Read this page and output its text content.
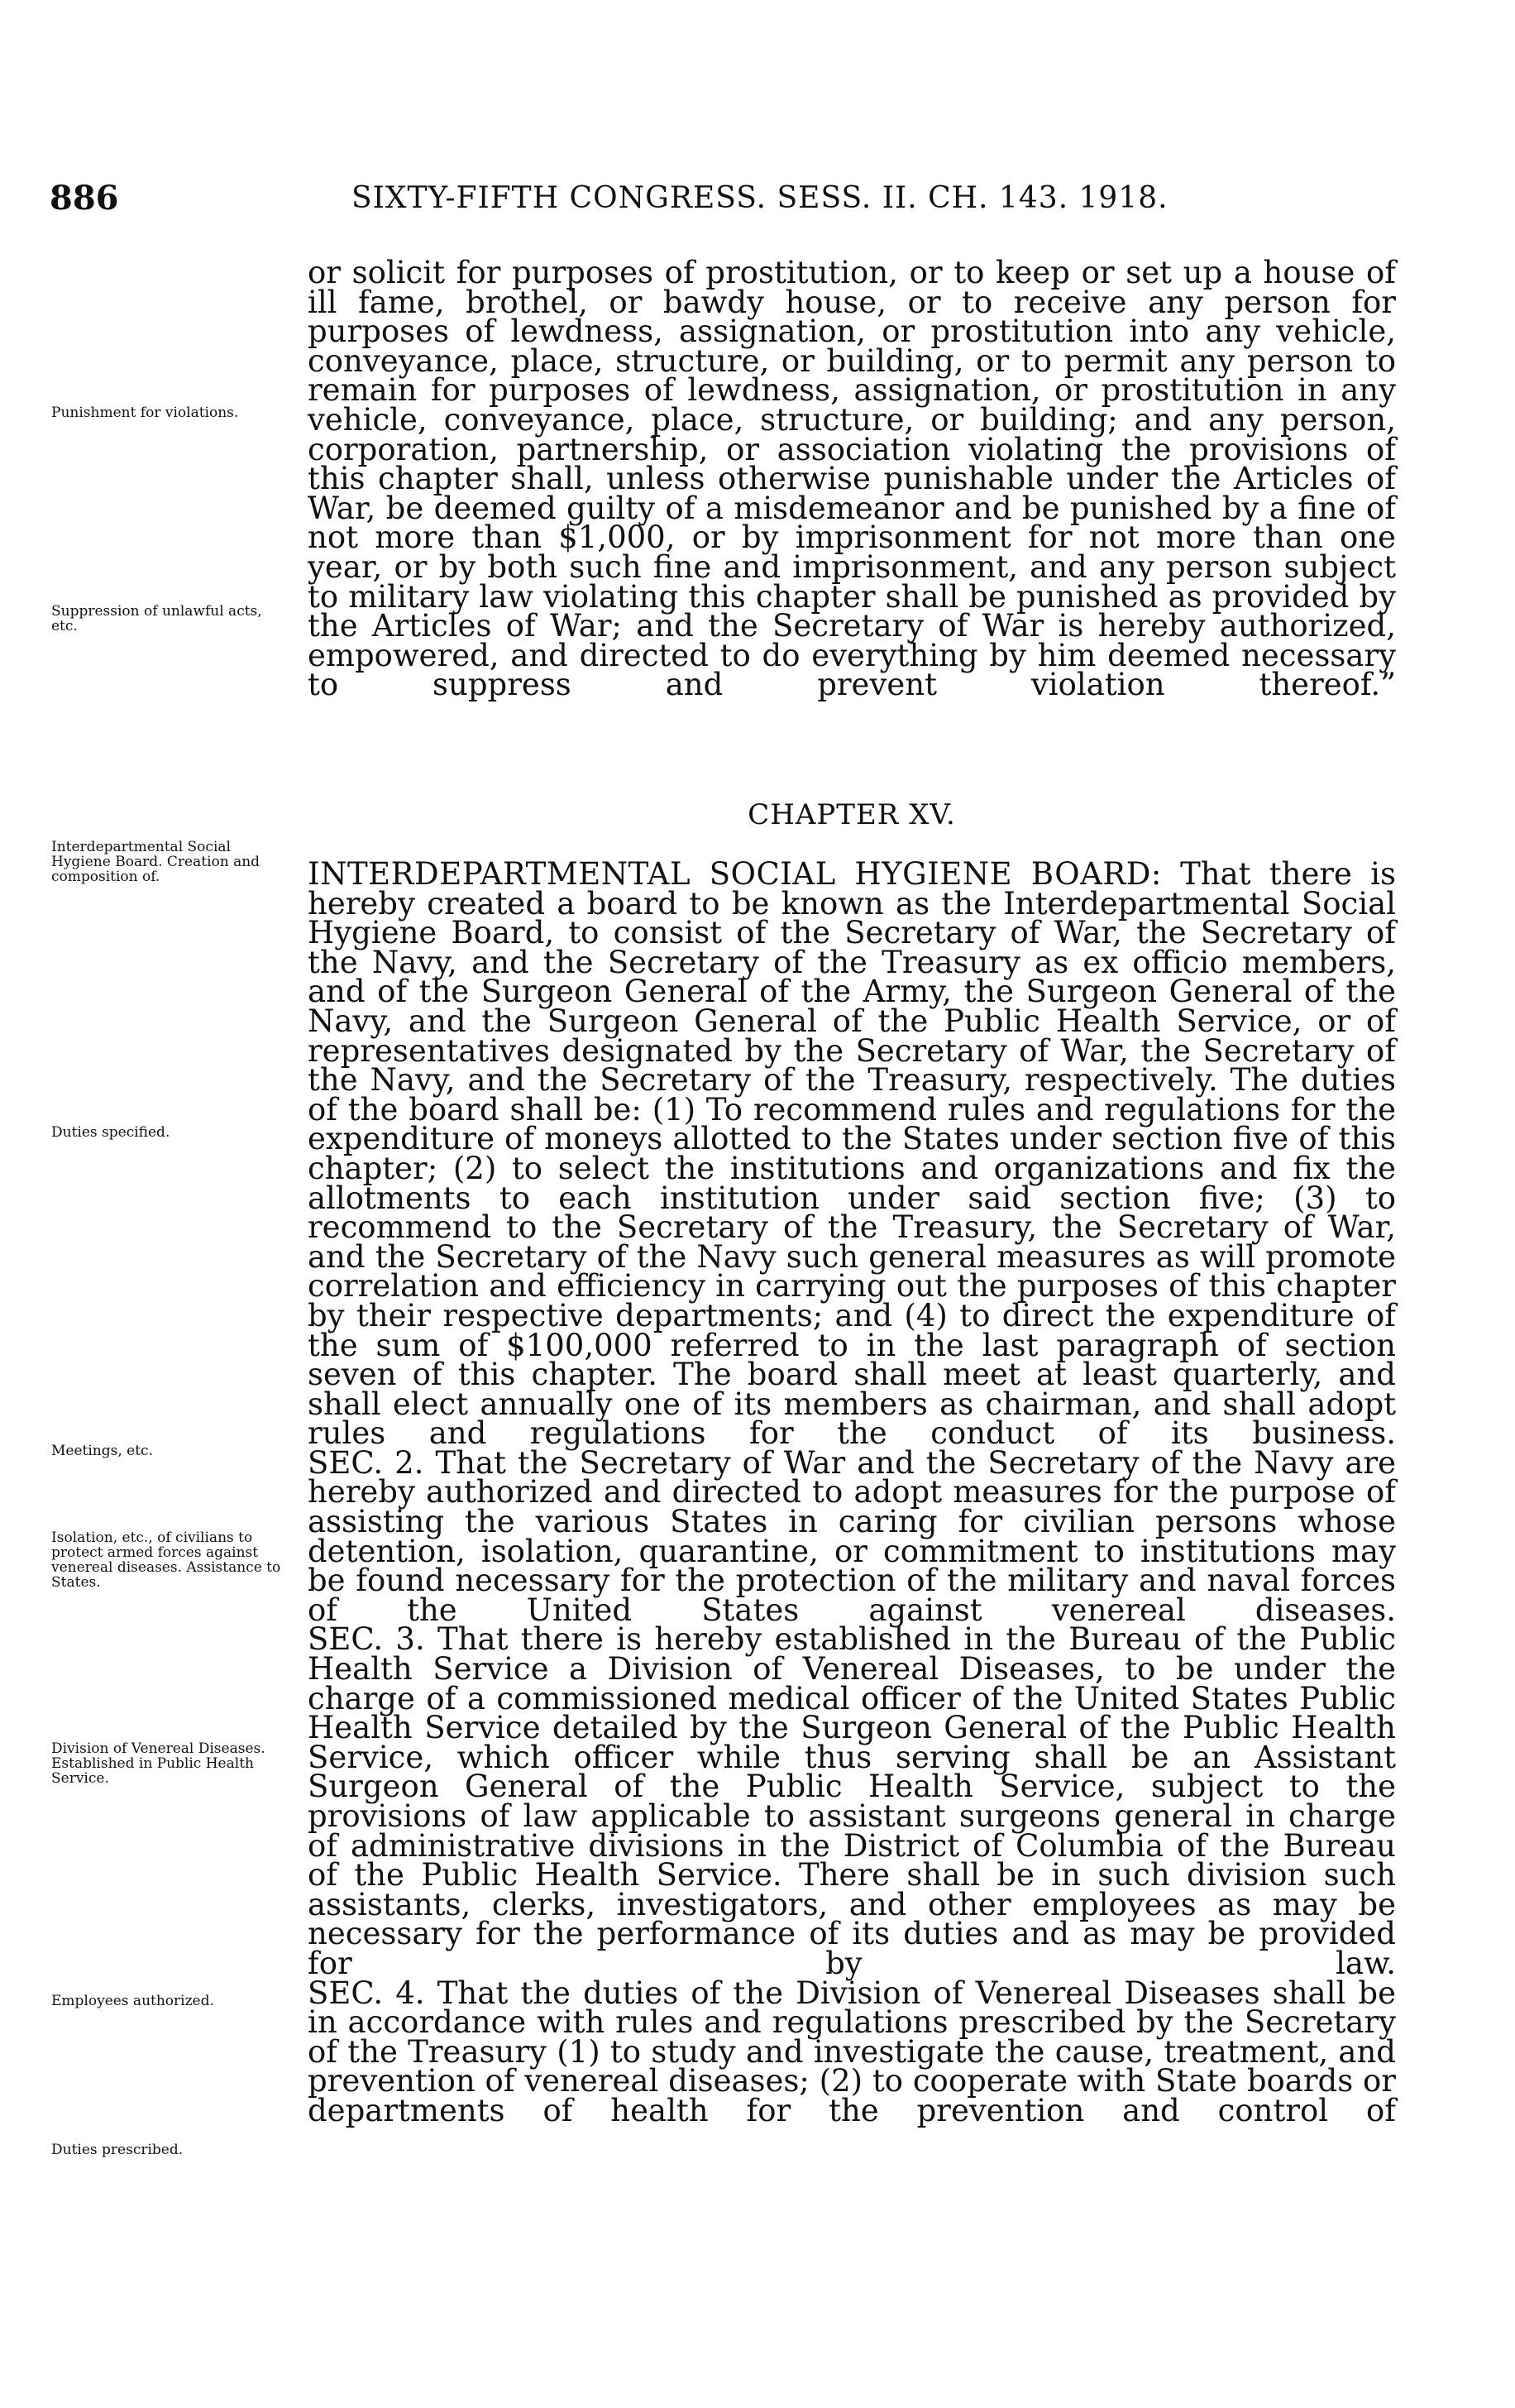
886	SIXTY-FIFTH CONGRESS. SESS. II. CH. 143. 1918.
Punishment for violations.
Suppression of unlawful acts, etc.
Interdepartmental Social Hygiene Board. Creation and composition of.
Duties specified.
Meetings, etc.
Isolation, etc., of civilians to protect armed forces against venereal diseases. Assistance to States.
Division of Venereal Diseases. Established in Public Health Service.
Employees authorized.
Duties prescribed.

or solicit for purposes of prostitution, or to keep or set up a house of ill fame, brothel, or bawdy house, or to receive any person for purposes of lewdness, assignation, or prostitution into any vehicle, conveyance, place, structure, or building, or to permit any person to remain for purposes of lewdness, assignation, or prostitution in any vehicle, conveyance, place, structure, or building; and any person, corporation, partnership, or association violating the provisions of this chapter shall, unless otherwise punishable under the Articles of War, be deemed guilty of a misdemeanor and be punished by a fine of not more than $1,000, or by imprisonment for not more than one year, or by both such fine and imprisonment, and any person subject to military law violating this chapter shall be punished as provided by the Articles of War; and the Secretary of War is hereby authorized, empowered, and directed to do everything by him deemed necessary to suppress and prevent violation thereof.”

CHAPTER XV.

INTERDEPARTMENTAL SOCIAL HYGIENE BOARD: That there is hereby created a board to be known as the Interdepartmental Social Hygiene Board, to consist of the Secretary of War, the Secretary of the Navy, and the Secretary of the Treasury as ex officio members, and of the Surgeon General of the Army, the Surgeon General of the Navy, and the Surgeon General of the Public Health Service, or of representatives designated by the Secretary of War, the Secretary of the Navy, and the Secretary of the Treasury, respectively. The duties of the board shall be: (1) To recommend rules and regulations for the expenditure of moneys allotted to the States under section five of this chapter; (2) to select the institutions and organizations and fix the allotments to each institution under said section five; (3) to recommend to the Secretary of the Treasury, the Secretary of War, and the Secretary of the Navy such general measures as will promote correlation and efficiency in carrying out the purposes of this chapter by their respective departments; and (4) to direct the expenditure of the sum of $100,000 referred to in the last paragraph of section seven of this chapter. The board shall meet at least quarterly, and shall elect annually one of its members as chairman, and shall adopt rules and regulations for the conduct of its business.

SEC. 2. That the Secretary of War and the Secretary of the Navy are hereby authorized and directed to adopt measures for the purpose of assisting the various States in caring for civilian persons whose detention, isolation, quarantine, or commitment to institutions may be found necessary for the protection of the military and naval forces of the United States against venereal diseases.

SEC. 3. That there is hereby established in the Bureau of the Public Health Service a Division of Venereal Diseases, to be under the charge of a commissioned medical officer of the United States Public Health Service detailed by the Surgeon General of the Public Health Service, which officer while thus serving shall be an Assistant Surgeon General of the Public Health Service, subject to the provisions of law applicable to assistant surgeons general in charge of administrative divisions in the District of Columbia of the Bureau of the Public Health Service. There shall be in such division such assistants, clerks, investigators, and other employees as may be necessary for the performance of its duties and as may be provided for by law.

SEC. 4. That the duties of the Division of Venereal Diseases shall be in accordance with rules and regulations prescribed by the Secretary of the Treasury (1) to study and investigate the cause, treatment, and prevention of venereal diseases; (2) to cooperate with State boards or departments of health for the prevention and control of
